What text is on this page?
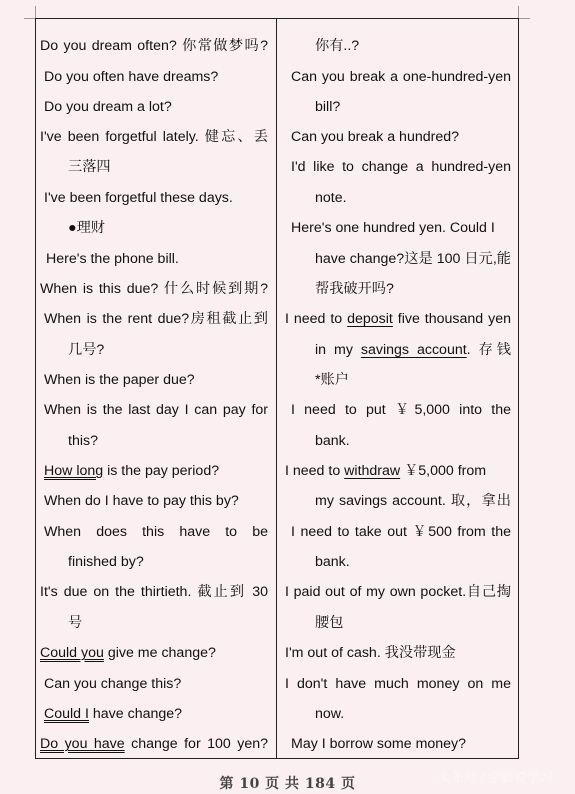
Do you dream often? 你常做梦吗?
Do you often have dreams?
Do you dream a lot?
I've been forgetful lately. 健忘、丢
三落四
I've been forgetful these days.
●理财
Here's the phone bill.
When is this due? 什么时候到期?
When is the rent due?房租截止到
几号?
When is the paper due?
When is the last day I can pay for
this?
How long is the pay period?
When do I have to pay this by?
When does this have to be
finished by?
It's due on the thirtieth. 截止到 30
号
Could you give me change?
Can you change this?
Could I have change?
Do you have change for 100 yen?
你有..?
Can you break a one-hundred-yen
bill?
Can you break a hundred?
I'd like to change a hundred-yen
note.
Here's one hundred yen. Could I
have change?这是 100 日元,能
帮我破开吗?
I need to deposit five thousand yen
in my savings account. 存钱
*账户
I need to put ￥5,000 into the
bank.
I need to withdraw ￥5,000 from
my savings account. 取，拿出
I need to take out ￥500 from the
bank.
I paid out of my own pocket.自己掏
腰包
I'm out of cash. 我没带现金
I don't have much money on me
now.
May I borrow some money?
第 10 页 共 184 页	头条号 / 学霸说学习
